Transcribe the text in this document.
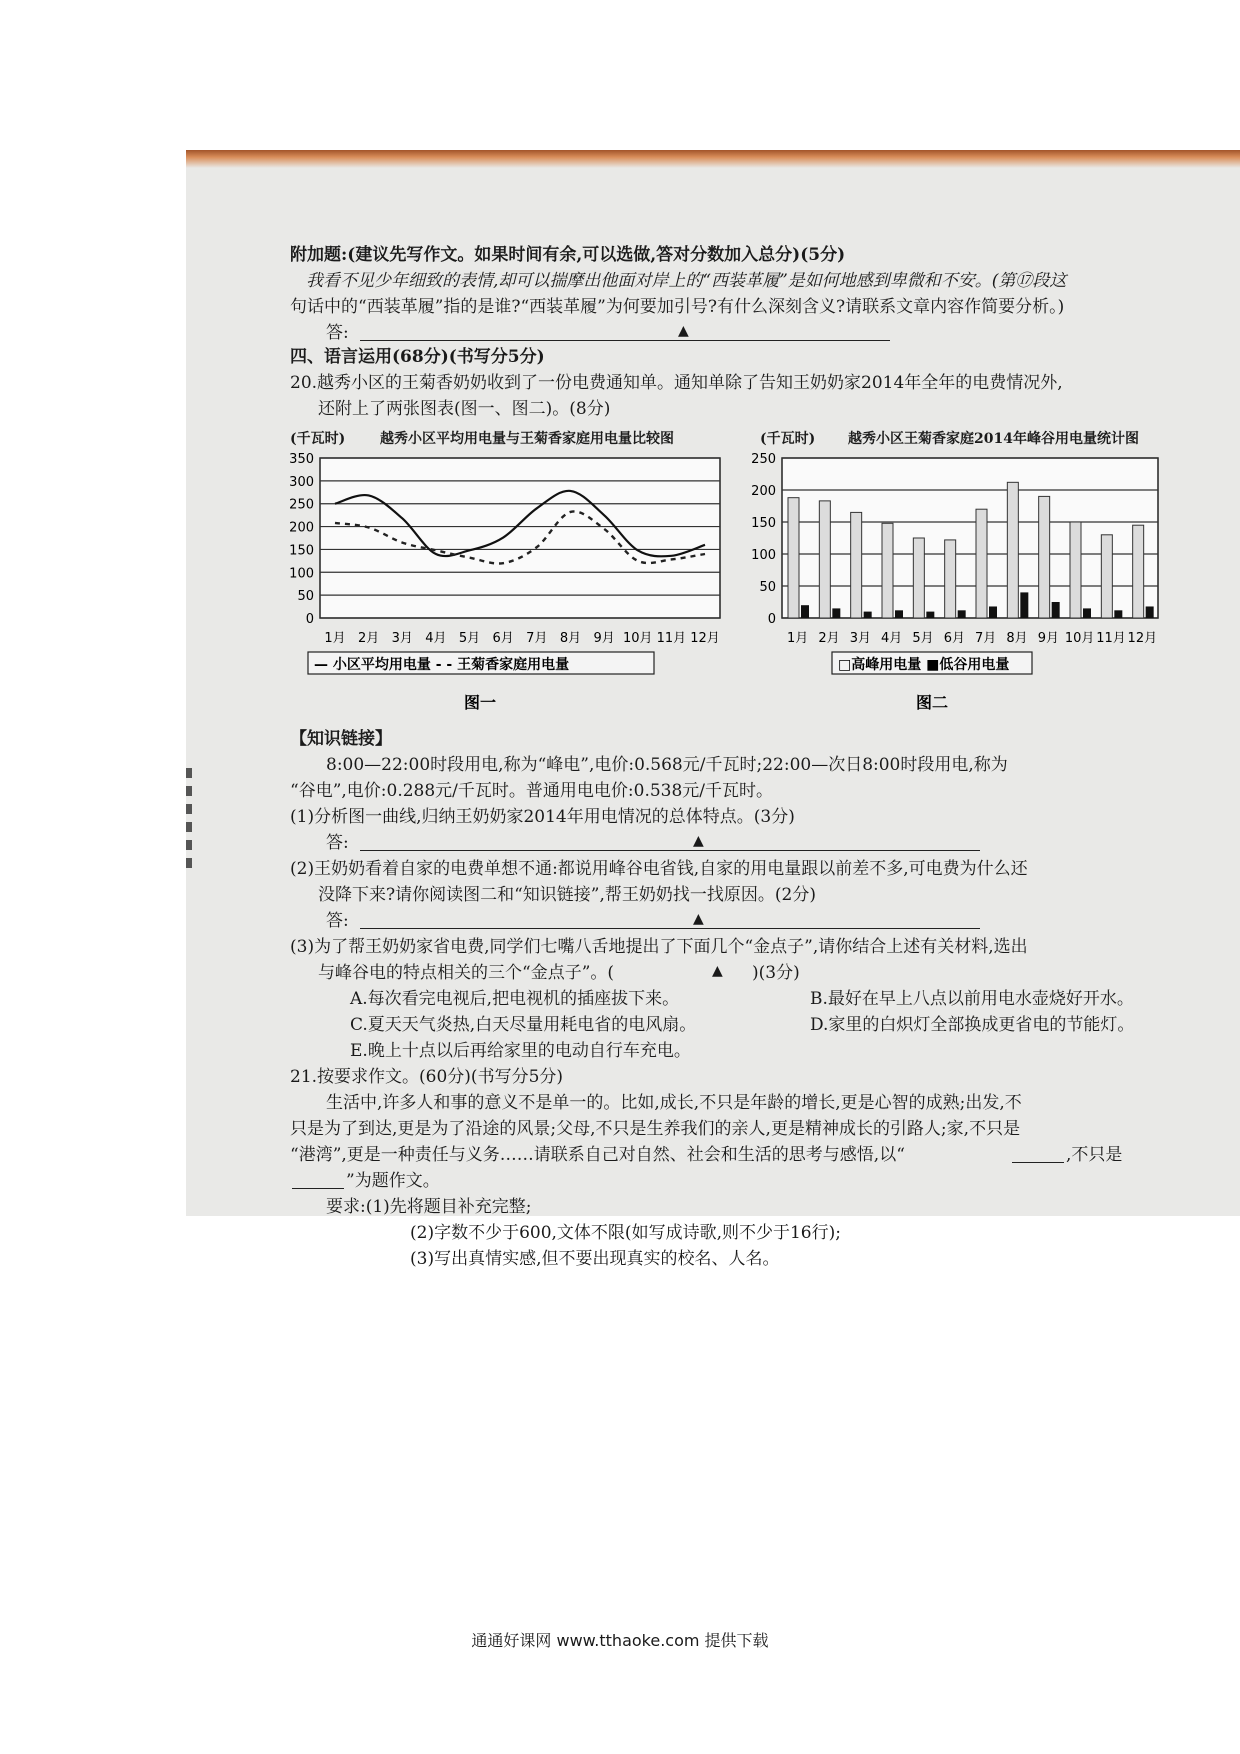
附加题:(建议先写作文。如果时间有余,可以选做,答对分数加入总分)(5分)
我看不见少年细致的表情,却可以揣摩出他面对岸上的“西装革履”是如何地感到卑微和不安。(第⑰段这
句话中的“西装革履”指的是谁?“西装革履”为何要加引号?有什么深刻含义?请联系文章内容作简要分析。)
答:	▲
四、语言运用(68分)(书写分5分)
20.越秀小区的王菊香奶奶收到了一份电费通知单。通知单除了告知王奶奶家2014年全年的电费情况外,
还附上了两张图表(图一、图二)。(8分)
(千瓦时) 越秀小区平均用电量与王菊香家庭用电量比较图	(千瓦时) 越秀小区王菊香家庭2014年峰谷用电量统计图
0
50
100
150
200
250
300
350
1月 2月 3月 4月 5月 6月 7月 8月 9月 10月 11月 12月
— 小区平均用电量 - - 王菊香家庭用电量
图一
0
50
100
150
200
250
1月 2月 3月 4月 5月 6月 7月 8月 9月 10月 11月 12月
□高峰用电量 ■低谷用电量
图二
【知识链接】
8:00—22:00时段用电,称为“峰电”,电价:0.568元/千瓦时;22:00—次日8:00时段用电,称为
“谷电”,电价:0.288元/千瓦时。普通用电电价:0.538元/千瓦时。
(1)分析图一曲线,归纳王奶奶家2014年用电情况的总体特点。(3分)
答:	▲
(2)王奶奶看着自家的电费单想不通:都说用峰谷电省钱,自家的用电量跟以前差不多,可电费为什么还
没降下来?请你阅读图二和“知识链接”,帮王奶奶找一找原因。(2分)
答:	▲
(3)为了帮王奶奶家省电费,同学们七嘴八舌地提出了下面几个“金点子”,请你结合上述有关材料,选出
与峰谷电的特点相关的三个“金点子”。(	▲ )(3分)
A.每次看完电视后,把电视机的插座拔下来。	B.最好在早上八点以前用电水壶烧好开水。
C.夏天天气炎热,白天尽量用耗电省的电风扇。	D.家里的白炽灯全部换成更省电的节能灯。
E.晚上十点以后再给家里的电动自行车充电。
21.按要求作文。(60分)(书写分5分)
生活中,许多人和事的意义不是单一的。比如,成长,不只是年龄的增长,更是心智的成熟;出发,不
只是为了到达,更是为了沿途的风景;父母,不只是生养我们的亲人,更是精神成长的引路人;家,不只是
“港湾”,更是一种责任与义务……请联系自己对自然、社会和生活的思考与感悟,以“	,不只是
”为题作文。
要求:(1)先将题目补充完整;
(2)字数不少于600,文体不限(如写成诗歌,则不少于16行);
(3)写出真情实感,但不要出现真实的校名、人名。
通通好课网 www.tthaoke.com 提供下载
